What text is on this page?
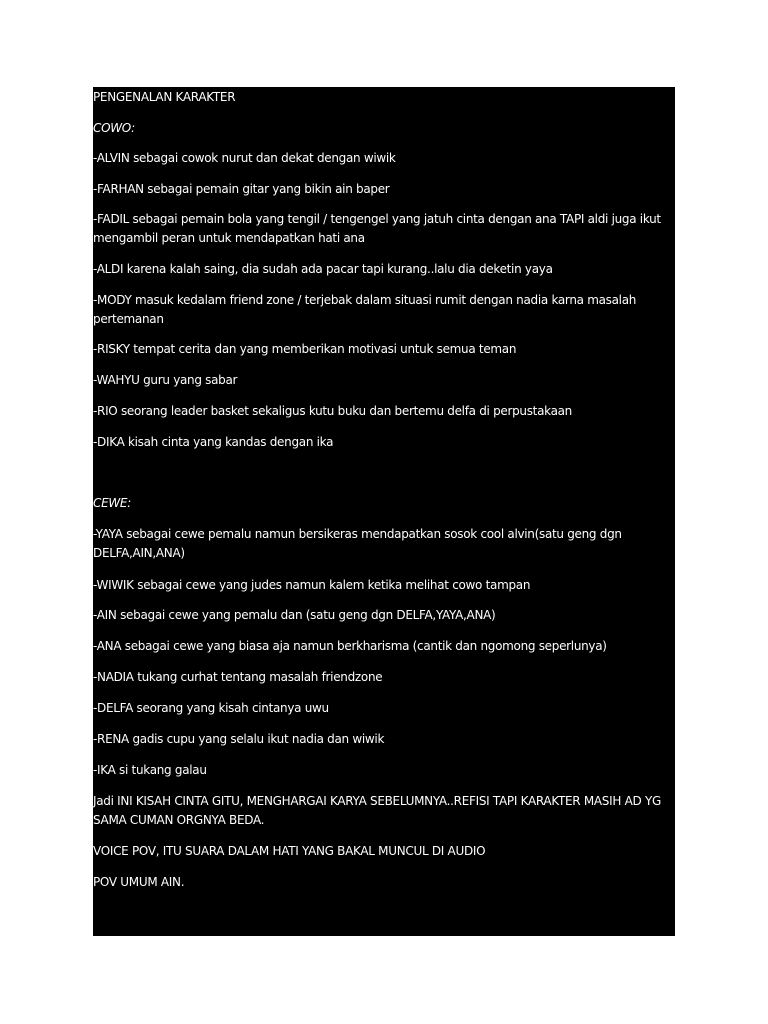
PENGENALAN KARAKTER
COWO:
-ALVIN sebagai cowok nurut dan dekat dengan wiwik
-FARHAN sebagai pemain gitar yang bikin ain baper
-FADIL sebagai pemain bola yang tengil / tengengel yang jatuh cinta dengan ana TAPI aldi juga ikut mengambil peran untuk mendapatkan hati ana
-ALDI karena kalah saing, dia sudah ada pacar tapi kurang..lalu dia deketin yaya
-MODY masuk kedalam friend zone / terjebak dalam situasi rumit dengan nadia karna masalah pertemanan
-RISKY tempat cerita dan yang memberikan motivasi untuk semua teman
-WAHYU guru yang sabar
-RIO seorang leader basket sekaligus kutu buku dan bertemu delfa di perpustakaan
-DIKA kisah cinta yang kandas dengan ika
CEWE:
-YAYA sebagai cewe pemalu namun bersikeras mendapatkan sosok cool alvin(satu geng dgn DELFA,AIN,ANA)
-WIWIK sebagai cewe yang judes namun kalem ketika melihat cowo tampan
-AIN sebagai cewe yang pemalu dan (satu geng dgn DELFA,YAYA,ANA)
-ANA sebagai cewe yang biasa aja namun berkharisma (cantik dan ngomong seperlunya)
-NADIA tukang curhat tentang masalah friendzone
-DELFA seorang yang kisah cintanya uwu
-RENA gadis cupu yang selalu ikut nadia dan wiwik
-IKA si tukang galau
Jadi INI KISAH CINTA GITU, MENGHARGAI KARYA SEBELUMNYA..REFISI TAPI KARAKTER MASIH AD YG SAMA CUMAN ORGNYA BEDA.
VOICE POV, ITU SUARA DALAM HATI YANG BAKAL MUNCUL DI AUDIO
POV UMUM AIN.
